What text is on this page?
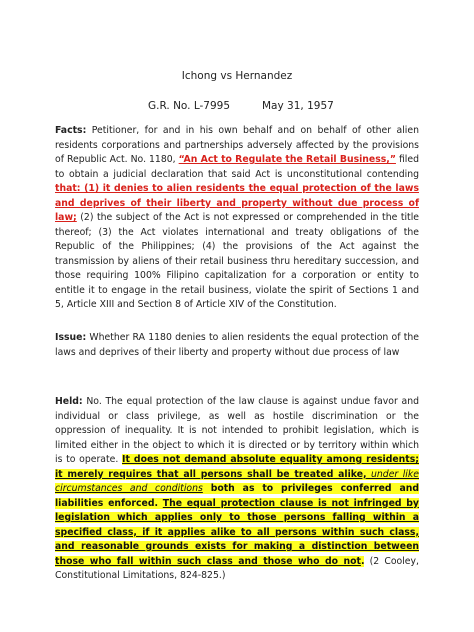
Ichong vs Hernandez
G.R. No. L-7995	May 31, 1957
Facts: Petitioner, for and in his own behalf and on behalf of other alien residents corporations and partnerships adversely affected by the provisions of Republic Act. No. 1180, “An Act to Regulate the Retail Business,” filed to obtain a judicial declaration that said Act is unconstitutional contending that: (1) it denies to alien residents the equal protection of the laws and deprives of their liberty and property without due process of law; (2) the subject of the Act is not expressed or comprehended in the title thereof; (3) the Act violates international and treaty obligations of the Republic of the Philippines; (4) the provisions of the Act against the transmission by aliens of their retail business thru hereditary succession, and those requiring 100% Filipino capitalization for a corporation or entity to entitle it to engage in the retail business, violate the spirit of Sections 1 and 5, Article XIII and Section 8 of Article XIV of the Constitution.
Issue: Whether RA 1180 denies to alien residents the equal protection of the laws and deprives of their liberty and property without due process of law
Held: No. The equal protection of the law clause is against undue favor and individual or class privilege, as well as hostile discrimination or the oppression of inequality. It is not intended to prohibit legislation, which is limited either in the object to which it is directed or by territory within which is to operate. It does not demand absolute equality among residents; it merely requires that all persons shall be treated alike, under like circumstances and conditions both as to privileges conferred and liabilities enforced. The equal protection clause is not infringed by legislation which applies only to those persons falling within a specified class, if it applies alike to all persons within such class, and reasonable grounds exists for making a distinction between those who fall within such class and those who do not. (2 Cooley, Constitutional Limitations, 824-825.)
